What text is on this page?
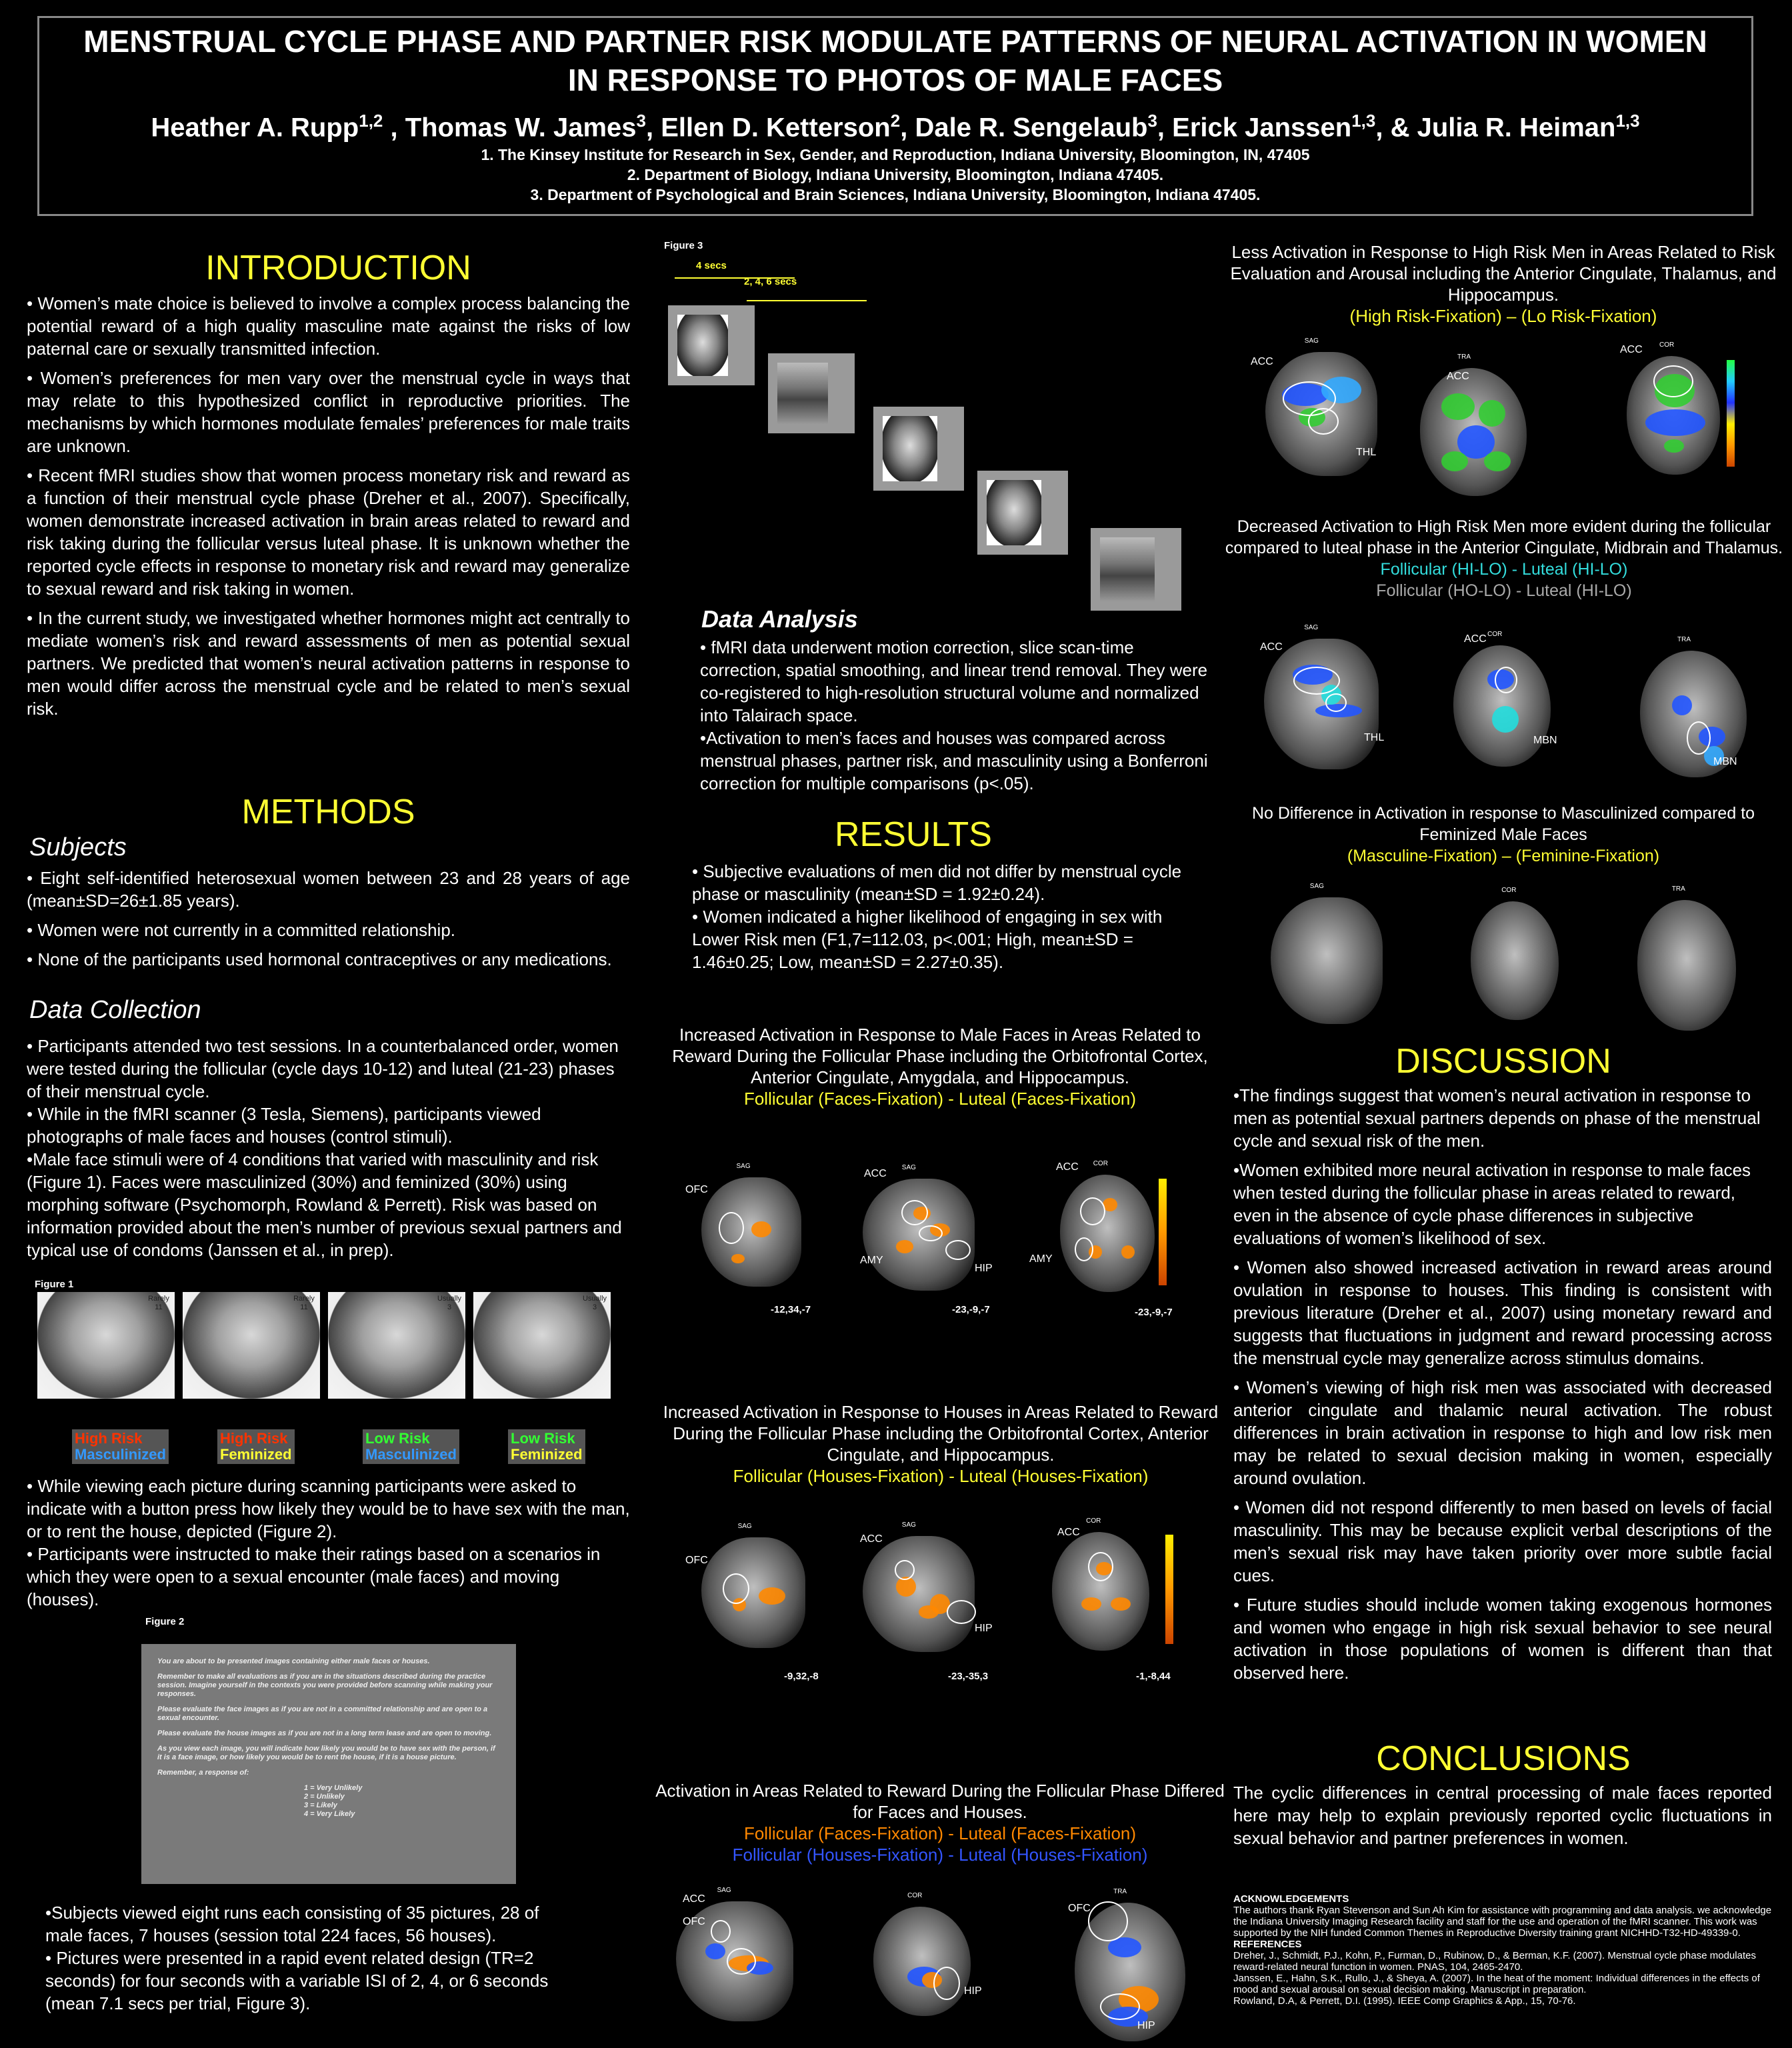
MENSTRUAL CYCLE PHASE AND PARTNER RISK MODULATE PATTERNS OF NEURAL ACTIVATION IN WOMEN
IN RESPONSE TO PHOTOS OF MALE FACES
Heather A. Rupp$^{1,2}$ , Thomas W. James$^3$, Ellen D. Ketterson$^2$, Dale R. Sengelaub$^3$, Erick Janssen$^{1,3}$, & Julia R. Heiman$^{1,3}$
1. The Kinsey Institute for Research in Sex, Gender, and Reproduction, Indiana University, Bloomington, IN, 47405
2. Department of Biology, Indiana University, Bloomington, Indiana 47405.
3. Department of Psychological and Brain Sciences, Indiana University, Bloomington, Indiana 47405.
INTRODUCTION

• Women’s mate choice is believed to involve a complex process balancing the potential reward of a high quality masculine mate against the risks of low paternal care or sexually transmitted infection.

• Women’s preferences for men vary over the menstrual cycle in ways that may relate to this hypothesized conflict in reproductive priorities. The mechanisms by which hormones modulate females’ preferences for male traits are unknown.

• Recent fMRI studies show that women process monetary risk and reward as a function of their menstrual cycle phase (Dreher et al., 2007). Specifically, women demonstrate increased activation in brain areas related to reward and risk taking during the follicular versus luteal phase. It is unknown whether the reported cycle effects in response to monetary risk and reward may generalize to sexual reward and risk taking in women.

• In the current study, we investigated whether hormones might act centrally to mediate women’s risk and reward assessments of men as potential sexual partners. We predicted that women’s neural activation patterns in response to men would differ across the menstrual cycle and be related to men’s sexual risk.

METHODS
Subjects

• Eight self-identified heterosexual women between 23 and 28 years of age (mean±SD=26±1.85 years).

• Women were not currently in a committed relationship.

• None of the participants used hormonal contraceptives or any medications.

Data Collection

• Participants attended two test sessions. In a counterbalanced order, women were tested during the follicular (cycle days 10-12) and luteal (21-23) phases of their menstrual cycle.

• While in the fMRI scanner (3 Tesla, Siemens), participants viewed photographs of male faces and houses (control stimuli).

•Male face stimuli were of 4 conditions that varied with masculinity and risk (Figure 1). Faces were masculinized (30%) and feminized (30%) using morphing software (Psychomorph, Rowland & Perrett). Risk was based on information provided about the men’s number of previous sexual partners and typical use of condoms (Janssen et al., in prep).

Figure 1
Rarely 11
High Risk
Masculinized
Rarely 11
High Risk
Feminized
Usually 3
Low Risk
Masculinized
Usually 3
Low Risk
Feminized

• While viewing each picture during scanning participants were asked to indicate with a button press how likely they would be to have sex with the man, or to rent the house, depicted (Figure 2).

• Participants were instructed to make their ratings based on a scenarios in which they were open to a sexual encounter (male faces) and moving (houses).

Figure 2

You are about to be presented images containing either male faces or houses.

Remember to make all evaluations as if you are in the situations described during the practice session. Imagine yourself in the contexts you were provided before scanning while making your responses.

Please evaluate the face images as if you are not in a committed relationship and are open to a sexual encounter.

Please evaluate the house images as if you are not in a long term lease and are open to moving.

As you view each image, you will indicate how likely you would be to have sex with the person, if it is a face image, or how likely you would be to rent the house, if it is a house picture.

Remember, a response of:

1 = Very Unlikely
2 = Unlikely
3 = Likely
4 = Very Likely

•Subjects viewed eight runs each consisting of 35 pictures, 28 of male faces, 7 houses (session total 224 faces, 56 houses).

• Pictures were presented in a rapid event related design (TR=2 seconds) for four seconds with a variable ISI of 2, 4, or 6 seconds (mean 7.1 secs per trial, Figure 3).

Figure 3
4 secs
2, 4, 6 secs
Data Analysis

• fMRI data underwent motion correction, slice scan-time correction, spatial smoothing, and linear trend removal. They were co-registered to high-resolution structural volume and normalized into Talairach space.

•Activation to men’s faces and houses was compared across menstrual phases, partner risk, and masculinity using a Bonferroni correction for multiple comparisons (p<.05).

RESULTS

• Subjective evaluations of men did not differ by menstrual cycle phase or masculinity (mean±SD = 1.92±0.24).

• Women indicated a higher likelihood of engaging in sex with Lower Risk men (F1,7=112.03, p<.001; High, mean±SD = 1.46±0.25; Low, mean±SD = 2.27±0.35).

Increased Activation in Response to Male Faces in Areas Related to Reward During the Follicular Phase including the Orbitofrontal Cortex, Anterior Cingulate, Amygdala, and Hippocampus.
Follicular (Faces-Fixation) - Luteal (Faces-Fixation)
Increased Activation in Response to Houses in Areas Related to Reward During the Follicular Phase including the Orbitofrontal Cortex, Anterior Cingulate, and Hippocampus.
Follicular (Houses-Fixation) - Luteal (Houses-Fixation)
Activation in Areas Related to Reward During the Follicular Phase Differed for Faces and Houses.
Follicular (Faces-Fixation) - Luteal (Faces-Fixation)
Follicular (Houses-Fixation) - Luteal (Houses-Fixation)
Less Activation in Response to High Risk Men in Areas Related to Risk Evaluation and Arousal including the Anterior Cingulate, Thalamus, and Hippocampus.
(High Risk-Fixation) – (Lo Risk-Fixation)
Decreased Activation to High Risk Men more evident during the follicular compared to luteal phase in the Anterior Cingulate, Midbrain and Thalamus.
Follicular (HI-LO) - Luteal (HI-LO)
Follicular (HO-LO) - Luteal (HI-LO)
No Difference in Activation in response to Masculinized compared to Feminized Male Faces
(Masculine-Fixation) – (Feminine-Fixation)
DISCUSSION

•The findings suggest that women’s neural activation in response to men as potential sexual partners depends on phase of the menstrual cycle and sexual risk of the men.

•Women exhibited more neural activation in response to male faces when tested during the follicular phase in areas related to reward, even in the absence of cycle phase differences in subjective evaluations of women’s likelihood of sex.

• Women also showed increased activation in reward areas around ovulation in response to houses. This finding is consistent with previous literature (Dreher et al., 2007) using monetary reward and suggests that fluctuations in judgment and reward processing across the menstrual cycle may generalize across stimulus domains.

• Women’s viewing of high risk men was associated with decreased anterior cingulate and thalamic neural activation. The robust differences in brain activation in response to high and low risk men may be related to sexual decision making in women, especially around ovulation.

• Women did not respond differently to men based on levels of facial masculinity. This may be because explicit verbal descriptions of the men’s sexual risk may have taken priority over more subtle facial cues.

• Future studies should include women taking exogenous hormones and women who engage in high risk sexual behavior to see neural activation in those populations of women is different than that observed here.

CONCLUSIONS
The cyclic differences in central processing of male faces reported here may help to explain previously reported cyclic fluctuations in sexual behavior and partner preferences in women.
ACKNOWLEDGEMENTS
The authors thank Ryan Stevenson and Sun Ah Kim for assistance with programming and data analysis. we acknowledge the Indiana University Imaging Research facility and staff for the use and operation of the fMRI scanner. This work was supported by the NIH funded Common Themes in Reproductive Diversity training grant NICHHD-T32-HD-49339-0.
REFERENCES
Dreher, J., Schmidt, P.J., Kohn, P., Furman, D., Rubinow, D., & Berman, K.F. (2007). Menstrual cycle phase modulates reward-related neural function in women. PNAS, 104, 2465-2470.
Janssen, E., Hahn, S.K., Rullo, J., & Sheya, A. (2007). In the heat of the moment: Individual differences in the effects of mood and sexual arousal on sexual decision making. Manuscript in preparation.
Rowland, D.A, & Perrett, D.I. (1995). IEEE Comp Graphics & App., 15, 70-76.
SAG
ACC
THL
TRA
ACC
COR
ACC
SAG
ACC
THL
COR
ACC
MBN
TRA
MBN
SAG
COR	TRA
SAG
OFC
-12,34,-7
SAG
ACC
AMY
HIP
-23,-9,-7
COR
ACC
AMY
-23,-9,-7
SAG
OFC
-9,32,-8
SAG
ACC
HIP
-23,-35,3
COR
ACC
-1,-8,44
SAG
ACC
OFC
COR
HIP
TRA
OFC
HIP
